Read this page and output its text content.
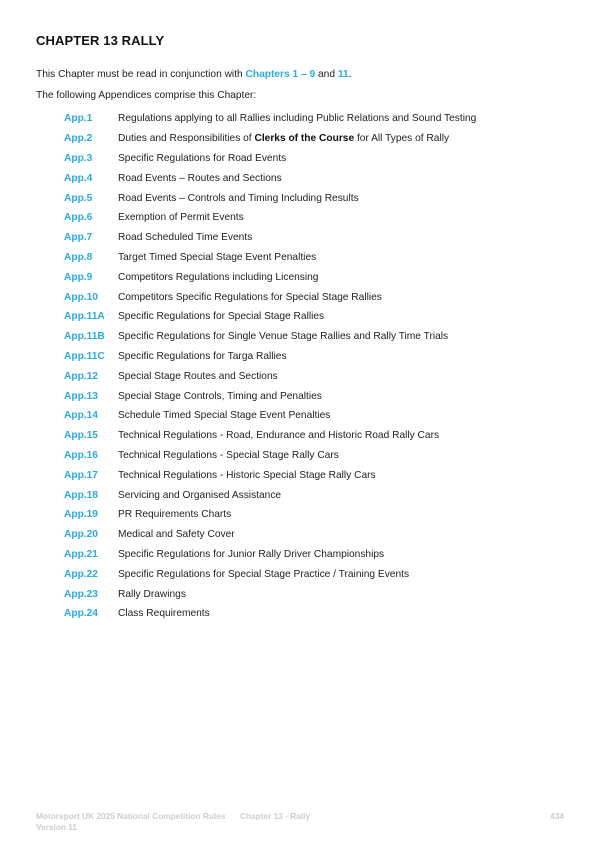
CHAPTER 13 RALLY
This Chapter must be read in conjunction with Chapters 1 – 9 and 11.
The following Appendices comprise this Chapter:
App.1	Regulations applying to all Rallies including Public Relations and Sound Testing
App.2	Duties and Responsibilities of Clerks of the Course for All Types of Rally
App.3	Specific Regulations for Road Events
App.4	Road Events – Routes and Sections
App.5	Road Events – Controls and Timing Including Results
App.6	Exemption of Permit Events
App.7	Road Scheduled Time Events
App.8	Target Timed Special Stage Event Penalties
App.9	Competitors Regulations including Licensing
App.10	Competitors Specific Regulations for Special Stage Rallies
App.11A	Specific Regulations for Special Stage Rallies
App.11B	Specific Regulations for Single Venue Stage Rallies and Rally Time Trials
App.11C	Specific Regulations for Targa Rallies
App.12	Special Stage Routes and Sections
App.13	Special Stage Controls, Timing and Penalties
App.14	Schedule Timed Special Stage Event Penalties
App.15	Technical Regulations - Road, Endurance and Historic Road Rally Cars
App.16	Technical Regulations - Special Stage Rally Cars
App.17	Technical Regulations - Historic Special Stage Rally Cars
App.18	Servicing and Organised Assistance
App.19	PR Requirements Charts
App.20	Medical and Safety Cover
App.21	Specific Regulations for Junior Rally Driver Championships
App.22	Specific Regulations for Special Stage Practice / Training Events
App.23	Rally Drawings
App.24	Class Requirements
Motorsport UK 2025 National Competition Rules
Version 11
Chapter 13 - Rally	434
